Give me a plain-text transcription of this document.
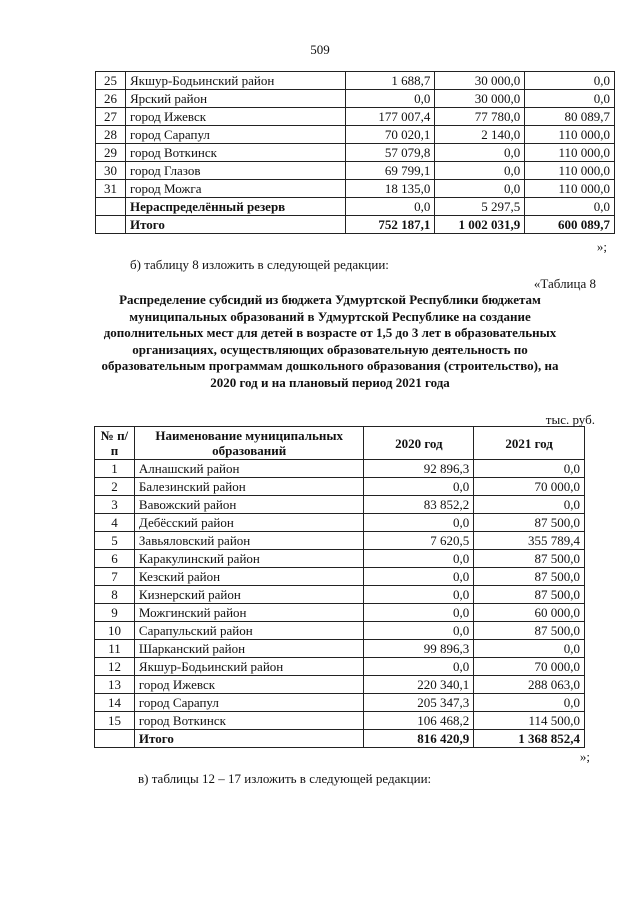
509
25	Якшур-Бодьинский район	1 688,7	30 000,0	0,0
26	Ярский район	0,0	30 000,0	0,0
27	город Ижевск	177 007,4	77 780,0	80 089,7
28	город Сарапул	70 020,1	2 140,0	110 000,0
29	город Воткинск	57 079,8	0,0	110 000,0
30	город Глазов	69 799,1	0,0	110 000,0
31	город Можга	18 135,0	0,0	110 000,0
	Нераспределённый резерв	0,0	5 297,5	0,0
	Итого	752 187,1	1 002 031,9	600 089,7
»;
б) таблицу 8 изложить в следующей редакции:
«Таблица 8
Распределение субсидий из бюджета Удмуртской Республики бюджетам муниципальных образований в Удмуртской Республике на создание дополнительных мест для детей в возрасте от 1,5 до 3 лет в образовательных организациях, осуществляющих образовательную деятельность по образовательным программам дошкольного образования (строительство), на 2020 год и на плановый период 2021 года
тыс. руб.
№ п/п	Наименование муниципальных образований	2020 год	2021 год
1	Алнашский район	92 896,3	0,0
2	Балезинский район	0,0	70 000,0
3	Вавожский район	83 852,2	0,0
4	Дебёсский район	0,0	87 500,0
5	Завьяловский район	7 620,5	355 789,4
6	Каракулинский район	0,0	87 500,0
7	Кезский район	0,0	87 500,0
8	Кизнерский район	0,0	87 500,0
9	Можгинский район	0,0	60 000,0
10	Сарапульский район	0,0	87 500,0
11	Шарканский район	99 896,3	0,0
12	Якшур-Бодьинский район	0,0	70 000,0
13	город Ижевск	220 340,1	288 063,0
14	город Сарапул	205 347,3	0,0
15	город Воткинск	106 468,2	114 500,0
	Итого	816 420,9	1 368 852,4
»;
в) таблицы 12 – 17 изложить в следующей редакции:
